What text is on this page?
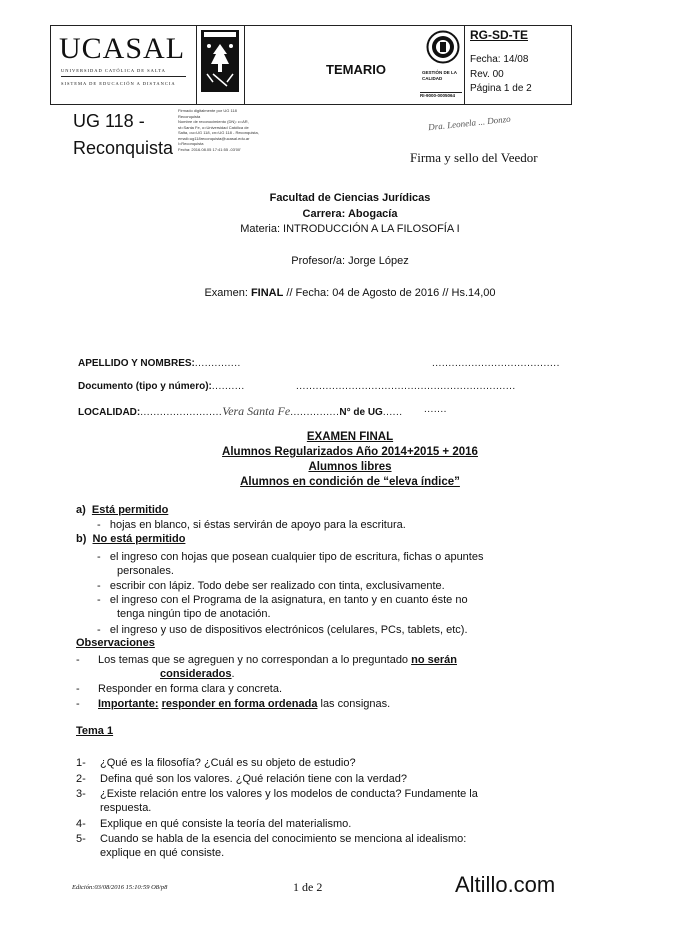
UCASAL
UNIVERSIDAD CATÓLICA DE SALTA
SISTEMA DE EDUCACIÓN A DISTANCIA
TEMARIO	GESTIÓN DE LA CALIDAD
RI-9000-0005064
RG-SD-TE
Fecha: 14/08
Rev. 00
Página 1 de 2
UG 118 -
Reconquista
Firmado digitalmente por UG 118
Reconquista
Nombre de reconocimiento (DN): c=AR,
st=Santa Fe, o=Universidad Católica de
Salta, ou=UG 118, cn=UG 118 - Reconquista,
email=ug118reconquista@ucasal.edu.ar
l=Reconquista
Fecha: 2016.08.05 17:41:55 -03'00'
Dra. Leonela ... Donzo
Firma y sello del Veedor
Facultad de Ciencias Jurídicas
Carrera: Abogacía
Materia: INTRODUCCIÓN A LA FILOSOFÍA I
Profesor/a: Jorge López
Examen: FINAL // Fecha: 04 de Agosto de 2016 // Hs.14,00
APELLIDO Y NOMBRES:..............	.......................................
Documento (tipo y número):..........	...................................................................
LOCALIDAD:.........................Vera Santa Fe...............N° de UG...... .......
EXAMEN FINAL
Alumnos Regularizados Año 2014+2015 + 2016
Alumnos libres
Alumnos en condición de “eleva índice”
a) Está permitido
-   hojas en blanco, si éstas servirán de apoyo para la escritura.
b) No está permitido
-   el ingreso con hojas que posean cualquier tipo de escritura, fichas o apuntes
personales.
-   escribir con lápiz. Todo debe ser realizado con tinta, exclusivamente.
-   el ingreso con el Programa de la asignatura, en tanto y en cuanto éste no
tenga ningún tipo de anotación.
-   el ingreso y uso de dispositivos electrónicos (celulares, PCs, tablets, etc).
Observaciones
-      Los temas que se agreguen y no correspondan a lo preguntado no serán
considerados.
-      Responder en forma clara y concreta.
-      Importante: responder en forma ordenada las consignas.
Tema 1
1-	¿Qué es la filosofía? ¿Cuál es su objeto de estudio?
2-	Defina qué son los valores. ¿Qué relación tiene con la verdad?
3-	¿Existe relación entre los valores y los modelos de conducta? Fundamente la
respuesta.
4-	Explique en qué consiste la teoría del materialismo.
5-	Cuando se habla de la esencia del conocimiento se menciona al idealismo:
explique en qué consiste.
Edición:03/08/2016 15:10:59 O8/p8	1 de 2	Altillo.com
